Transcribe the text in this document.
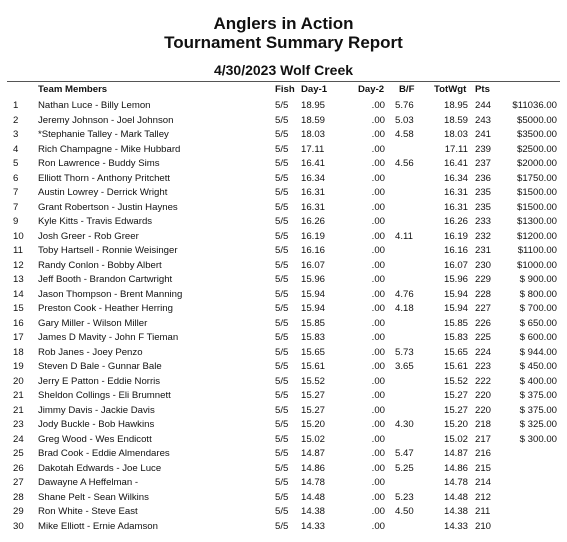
Anglers in Action
Tournament Summary Report
4/30/2023 Wolf Creek
Team Members	Fish Day-1	Day-2 B/F TotWgt Pts
1 Nathan Luce - Billy Lemon	5/5 18.95	.00 5.76	18.95 244	$11036.00
2 Jeremy Johnson - Joel Johnson	5/5 18.59	.00 5.03	18.59 243	$5000.00
3 *Stephanie Talley - Mark Talley	5/5 18.03	.00 4.58	18.03 241	$3500.00
4 Rich Champagne - Mike Hubbard	5/5 17.11	.00	17.11 239	$2500.00
5 Ron Lawrence - Buddy Sims	5/5 16.41	.00 4.56	16.41 237	$2000.00
6 Elliott Thorn - Anthony Pritchett	5/5 16.34	.00	16.34 236	$1750.00
7 Austin Lowrey - Derrick Wright	5/5 16.31	.00	16.31 235	$1500.00
7 Grant Robertson - Justin Haynes	5/5 16.31	.00	16.31 235	$1500.00
9 Kyle Kitts - Travis Edwards	5/5 16.26	.00	16.26 233	$1300.00
10 Josh Greer - Rob Greer	5/5 16.19	.00 4.11	16.19 232	$1200.00
11 Toby Hartsell - Ronnie Weisinger	5/5 16.16	.00	16.16 231	$1100.00
12 Randy Conlon - Bobby Albert	5/5 16.07	.00	16.07 230	$1000.00
13 Jeff Booth - Brandon Cartwright	5/5 15.96	.00	15.96 229	$ 900.00
14 Jason Thompson - Brent Manning	5/5 15.94	.00 4.76	15.94 228	$ 800.00
15 Preston Cook - Heather Herring	5/5 15.94	.00 4.18	15.94 227	$ 700.00
16 Gary Miller - Wilson Miller	5/5 15.85	.00	15.85 226	$ 650.00
17 James D Mavity - John F Tieman	5/5 15.83	.00	15.83 225	$ 600.00
18 Rob Janes - Joey Penzo	5/5 15.65	.00 5.73	15.65 224	$ 944.00
19 Steven D Bale - Gunnar Bale	5/5 15.61	.00 3.65	15.61 223	$ 450.00
20 Jerry E Patton - Eddie Norris	5/5 15.52	.00	15.52 222	$ 400.00
21 Sheldon Collings - Eli Brumnett	5/5 15.27	.00	15.27 220	$ 375.00
21 Jimmy Davis - Jackie Davis	5/5 15.27	.00	15.27 220	$ 375.00
23 Jody Buckle - Bob Hawkins	5/5 15.20	.00 4.30	15.20 218	$ 325.00
24 Greg Wood - Wes Endicott	5/5 15.02	.00	15.02 217	$ 300.00
25 Brad Cook - Eddie Almendares	5/5 14.87	.00 5.47	14.87 216
26 Dakotah Edwards - Joe Luce	5/5 14.86	.00 5.25	14.86 215
27 Dawayne A Heffelman -	5/5 14.78	.00	14.78 214
28 Shane Pelt - Sean Wilkins	5/5 14.48	.00 5.23	14.48 212
29 Ron White - Steve East	5/5 14.38	.00 4.50	14.38 211
30 Mike Elliott - Ernie Adamson	5/5 14.33	.00	14.33 210
